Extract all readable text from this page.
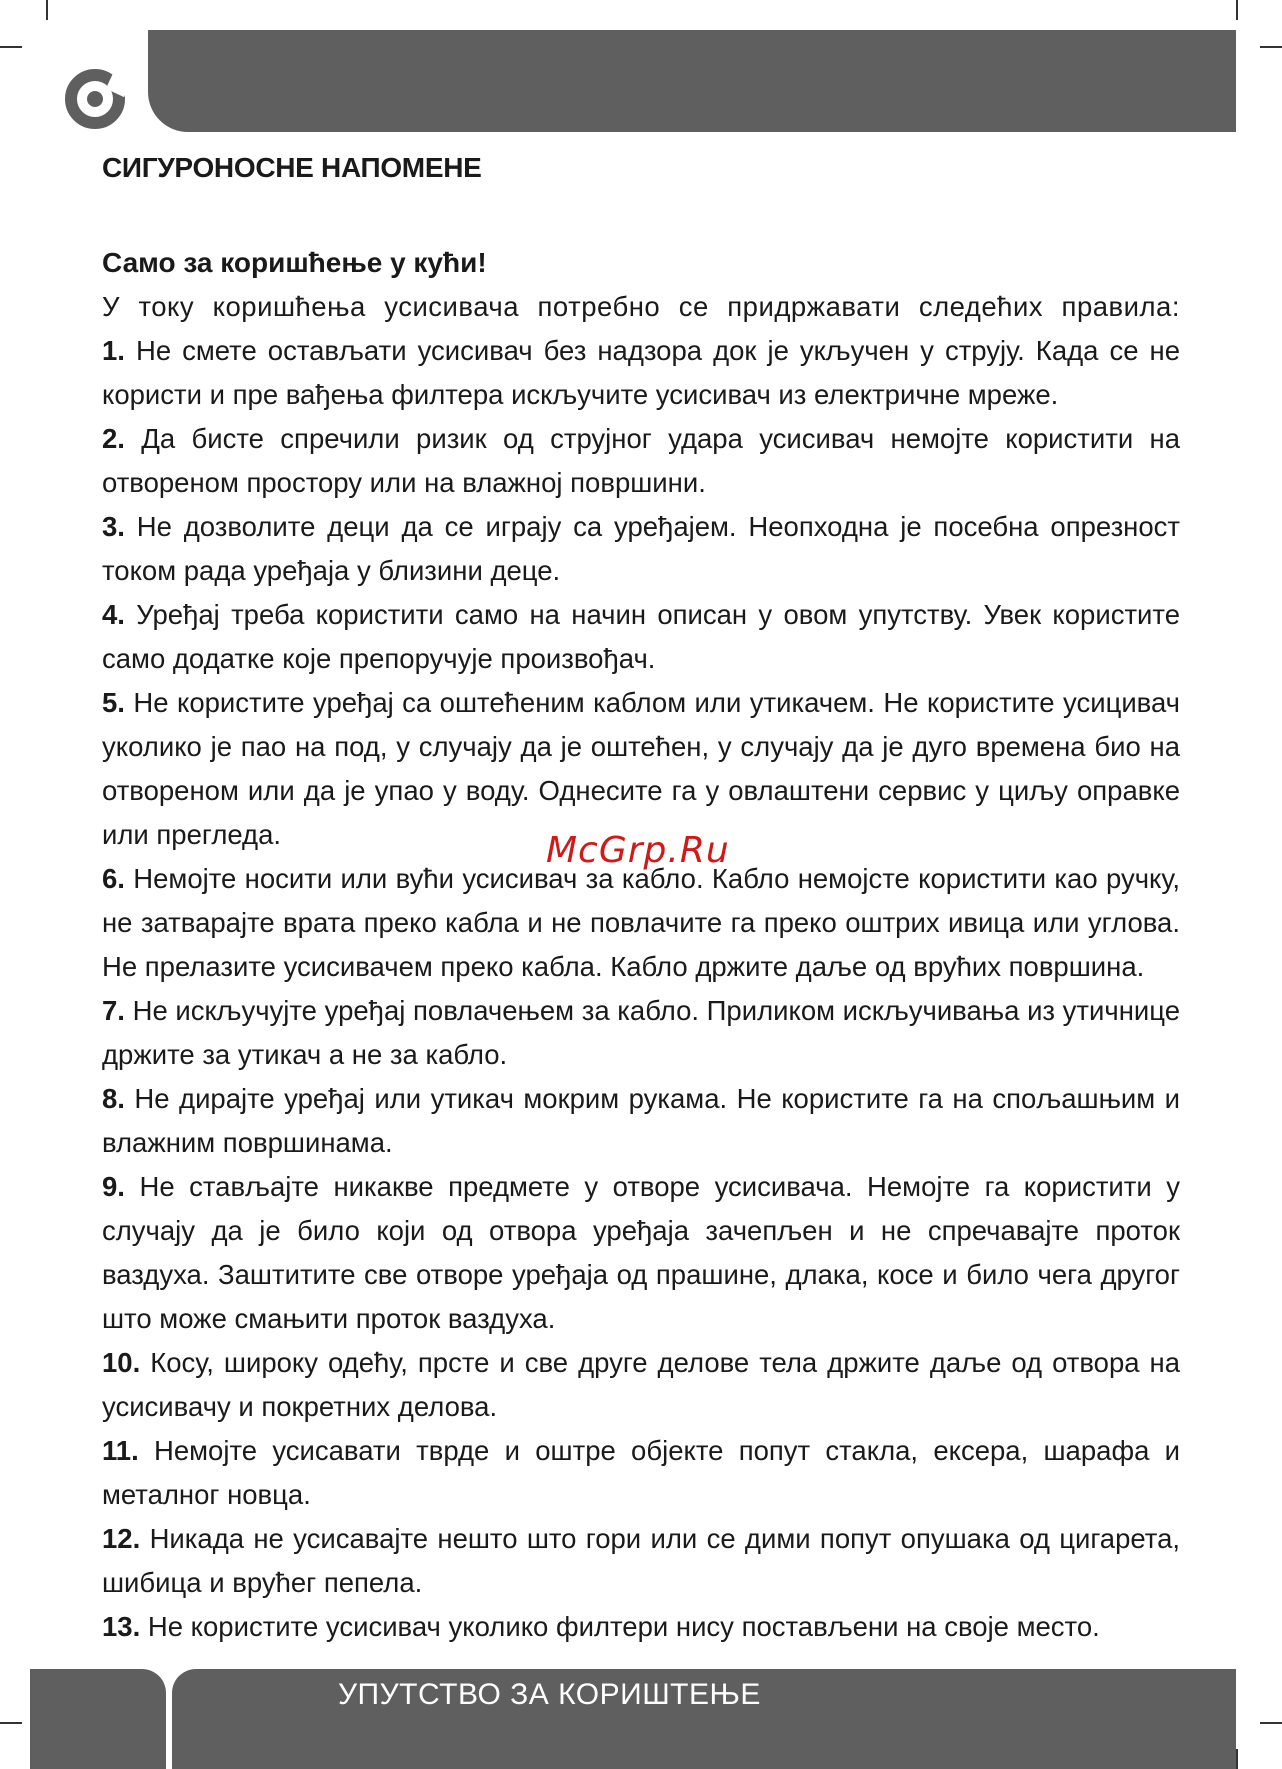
СИГУРОНОСНЕ НАПОМЕНЕ

Само за коришћење у кући!

У току коришћења усисивача потребно се придржавати следећих правила:

1. Не смете остављати усисивач без надзора док је укључен у струју. Када се не користи и пре вађења филтера искључите усисивач из електричне мреже.
2. Да бисте спречили ризик од струјног удара усисивач немојте користити на отвореном простору или на влажној површини.
3. Не дозволите деци да се играју са уређајем. Неопходна је посебна опрезност током рада уређаја у близини деце.
4. Уређај треба користити само на начин описан у овом упутству. Увек користите само додатке које препоручује произвођач.
5. Не користите уређај са оштећеним каблом или утикачем. Не користите усицивач уколико је пао на под, у случају да је оштећен, у случају да је дуго времена био на отвореном или да је упао у воду. Однесите га у овлаштени сервис у циљу оправке или прегледа.
6. Немојте носити или вући усисивач за кабло. Кабло немојсте користити као ручку, не затварајте врата преко кабла и не повлачите га преко оштрих ивица или углова. Не прелазите усисивачем преко кабла. Кабло држите даље од врућих површина.
7. Не искључујте уређај повлачењем за кабло. Приликом искључивања из утичнице држите за утикач а не за кабло.
8. Не дирајте уређај или утикач мокрим рукама. Не користите га на спољашњим и влажним површинама.
9. Не стављајте никакве предмете у отворе усисивача. Немојте га користити у случају да је било који од отвора уређаја зачепљен и не спречавајте проток ваздуха. Заштитите све отворе уређаја од прашине, длака, косе и било чега другог што може смањити проток ваздуха.
10. Косу, широку одећу, прсте и све друге делове тела држите даље од отвора на усисивачу и покретних делова.
11. Немојте усисавати тврде и оштре објекте попут стакла, ексера, шарафа и металног новца.
12. Никада не усисавајте нешто што гори или се дими попут опушака од цигарета, шибица и врућег пепела.
13. Не користите усисивач уколико филтери нису постављени на своје место.
McGrp.Ru

УПУТСТВО ЗА КОРИШТЕЊЕ
